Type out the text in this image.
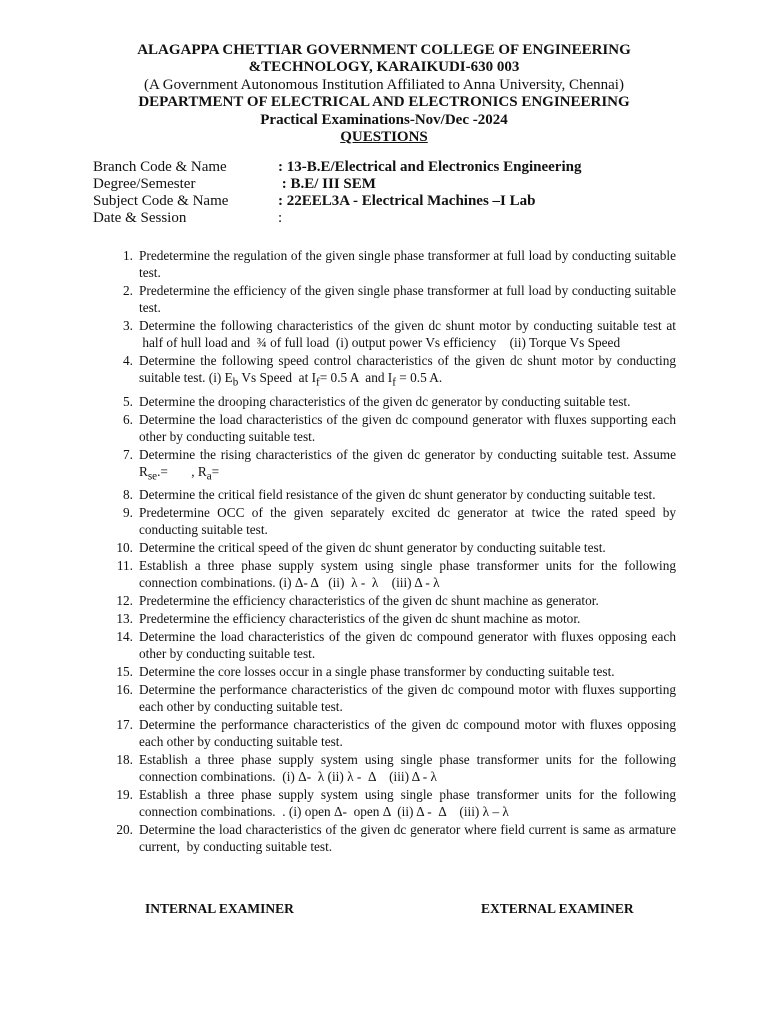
ALAGAPPA CHETTIAR GOVERNMENT COLLEGE OF ENGINEERING
&TECHNOLOGY, KARAIKUDI-630 003
(A Government Autonomous Institution Affiliated to Anna University, Chennai)
DEPARTMENT OF ELECTRICAL AND ELECTRONICS ENGINEERING
Practical Examinations-Nov/Dec -2024
QUESTIONS
Branch Code & Name	: 13-B.E/Electrical and Electronics Engineering
Degree/Semester	: B.E/ III SEM
Subject Code & Name	: 22EEL3A - Electrical Machines –I Lab
Date & Session	:
1. Predetermine the regulation of the given single phase transformer at full load by conducting suitable test.
2. Predetermine the efficiency of the given single phase transformer at full load by conducting suitable test.
3. Determine the following characteristics of the given dc shunt motor by conducting suitable test at  half of hull load and  ¾ of full load  (i) output power Vs efficiency    (ii) Torque Vs Speed
4. Determine the following speed control characteristics of the given dc shunt motor by conducting suitable test. (i) $E_b$ Vs Speed  at $I_f= 0.5$ A  and $I_f = 0.5$ A.
5. Determine the drooping characteristics of the given dc generator by conducting suitable test.
6. Determine the load characteristics of the given dc compound generator with fluxes supporting each other by conducting suitable test.
7. Determine the rising characteristics of the given dc generator by conducting suitable test. Assume $R_{se}.=$       , $R_a=$
8. Determine the critical field resistance of the given dc shunt generator by conducting suitable test.
9. Predetermine OCC of the given separately excited dc generator at twice the rated speed by conducting suitable test.
10. Determine the critical speed of the given dc shunt generator by conducting suitable test.
11. Establish a three phase supply system using single phase transformer units for the following connection combinations. (i) Δ- Δ   (ii)  λ -  λ    (iii) Δ - λ
12. Predetermine the efficiency characteristics of the given dc shunt machine as generator.
13. Predetermine the efficiency characteristics of the given dc shunt machine as motor.
14. Determine the load characteristics of the given dc compound generator with fluxes opposing each other by conducting suitable test.
15. Determine the core losses occur in a single phase transformer by conducting suitable test.
16. Determine the performance characteristics of the given dc compound motor with fluxes supporting each other by conducting suitable test.
17. Determine the performance characteristics of the given dc compound motor with fluxes opposing each other by conducting suitable test.
18. Establish a three phase supply system using single phase transformer units for the following connection combinations.  (i) Δ-  λ (ii) λ -  Δ    (iii) Δ - λ
19. Establish a three phase supply system using single phase transformer units for the following connection combinations.  . (i) open Δ-  open Δ  (ii) Δ -  Δ    (iii) λ – λ
20. Determine the load characteristics of the given dc generator where field current is same as armature current,  by conducting suitable test.
INTERNAL EXAMINER	EXTERNAL EXAMINER
